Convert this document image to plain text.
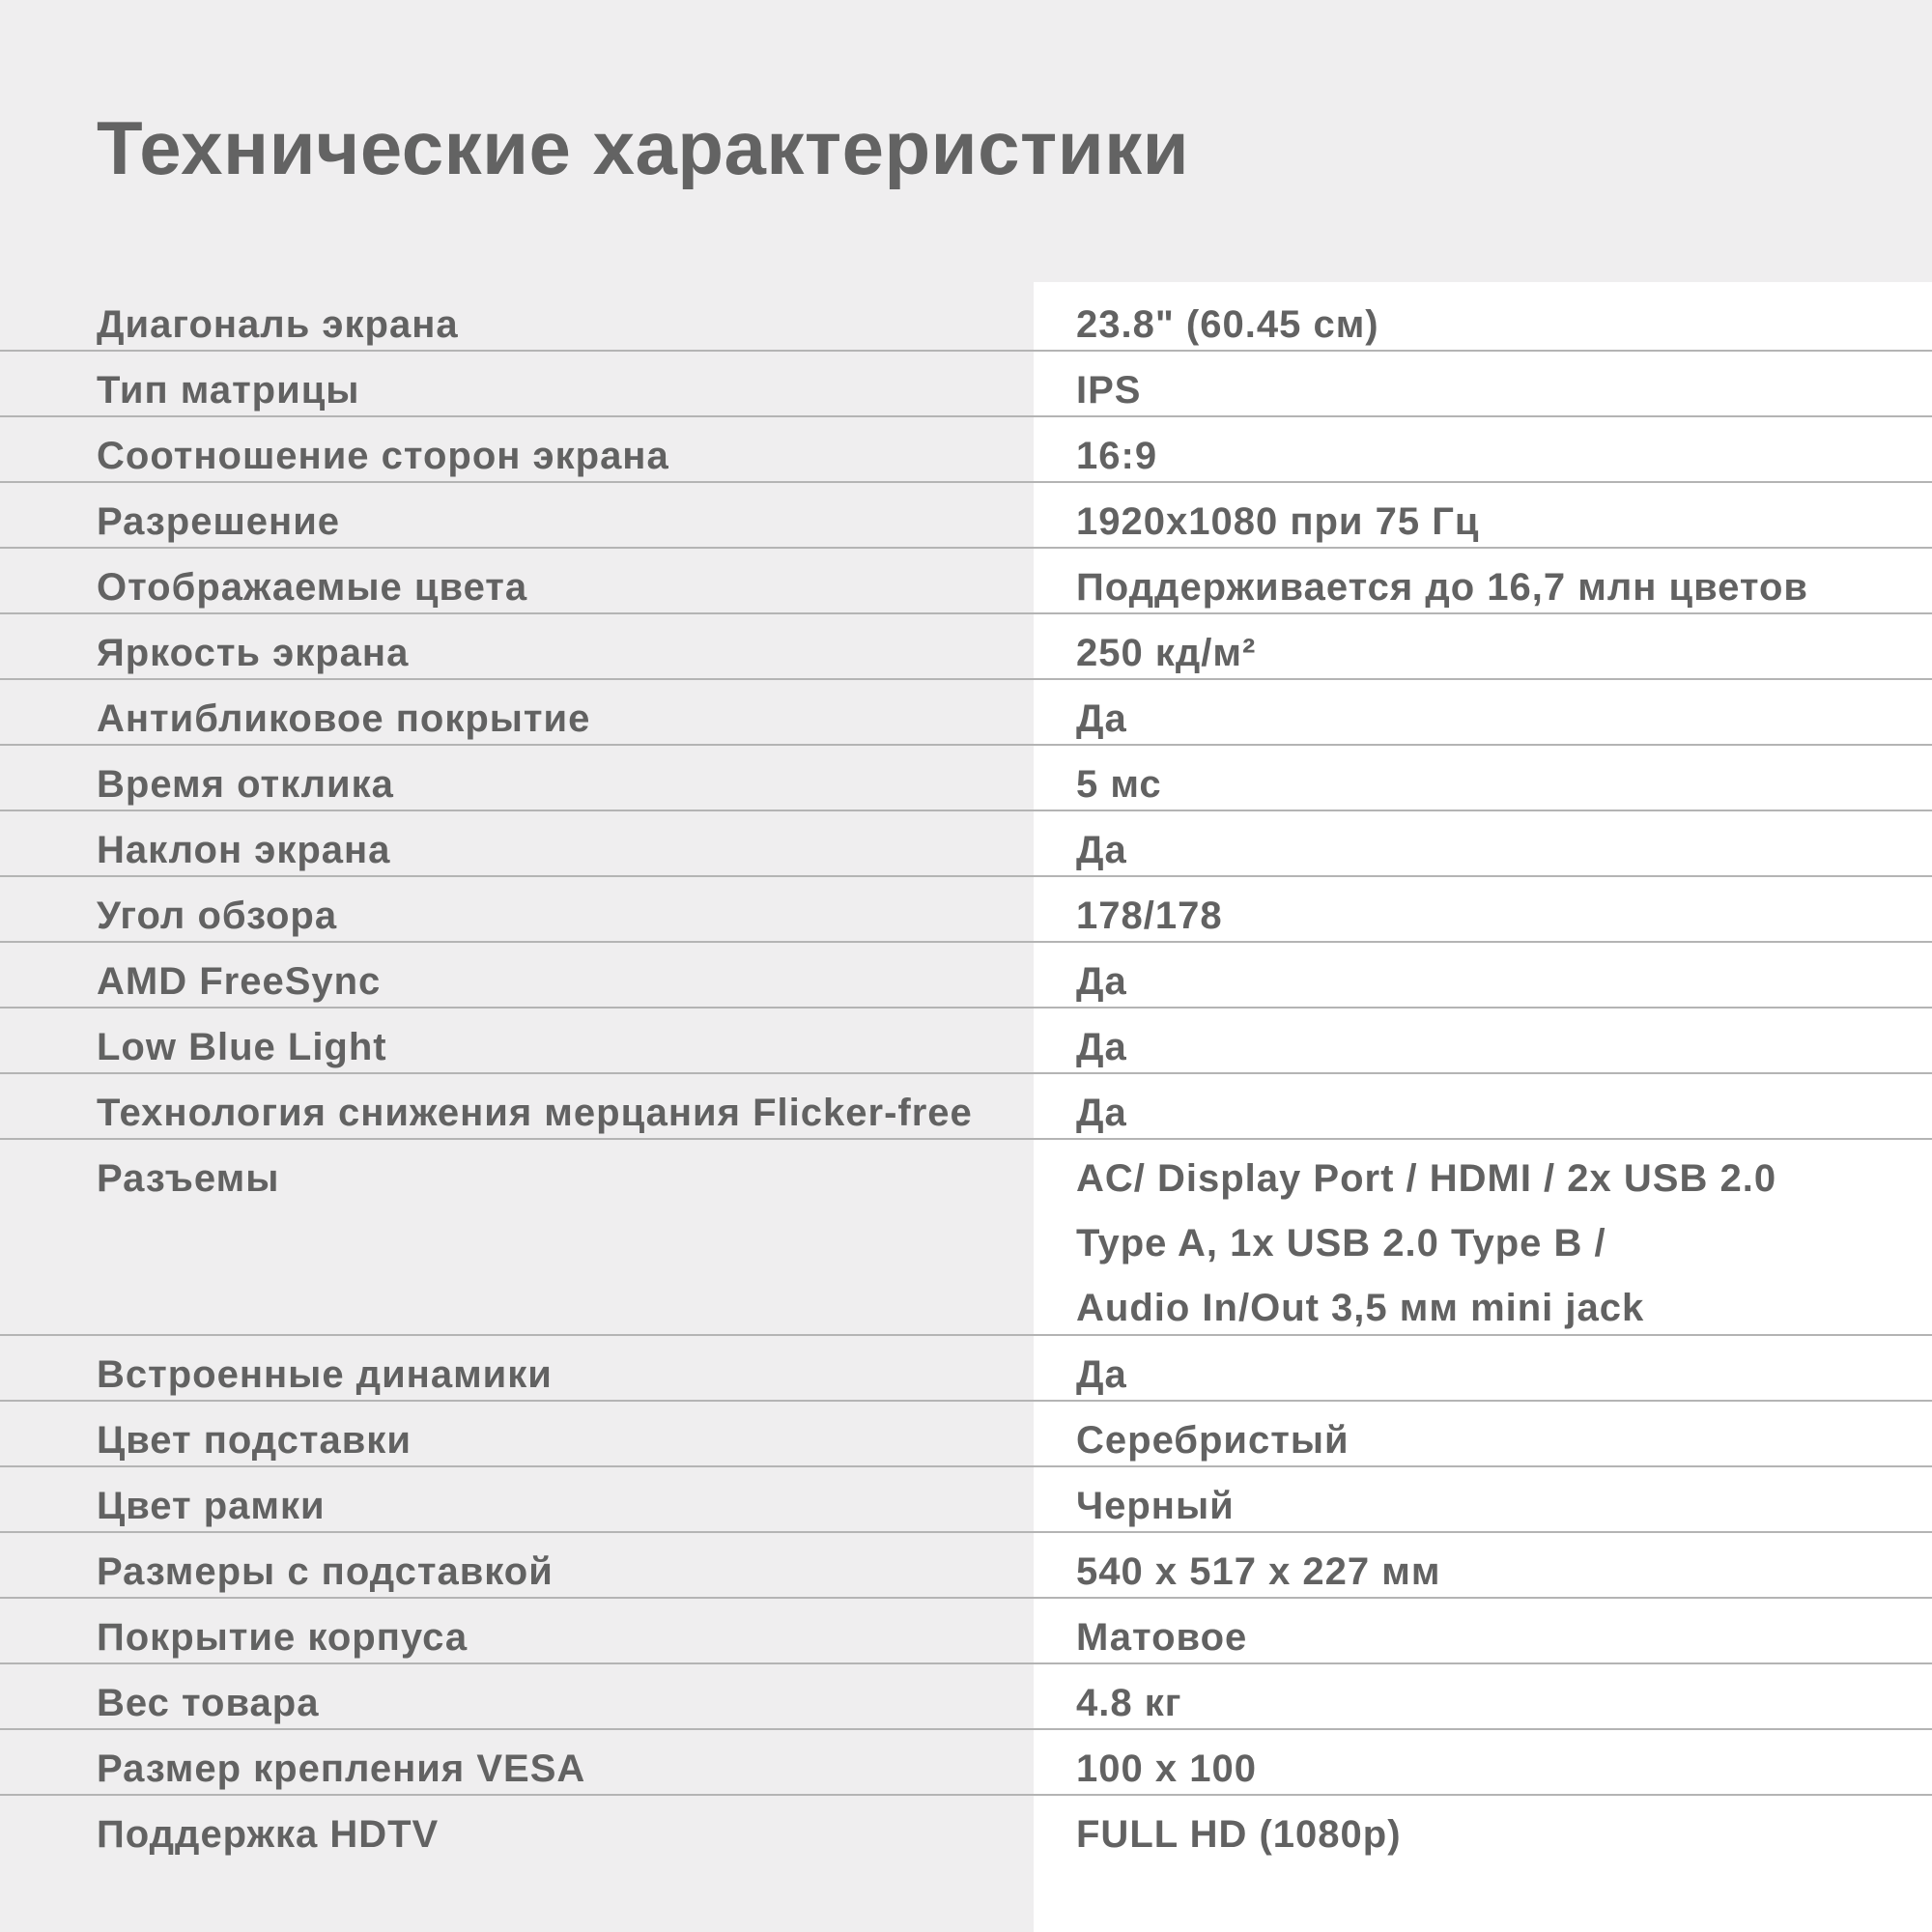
Технические характеристики
Диагональ экрана	23.8" (60.45 см)
Тип матрицы	IPS
Соотношение сторон экрана	16:9
Разрешение	1920x1080 при 75 Гц
Отображаемые цвета	Поддерживается до 16,7 млн цветов
Яркость экрана	250 кд/м²
Антибликовое покрытие	Да
Время отклика	5 мс
Наклон экрана	Да
Угол обзора	178/178
AMD FreeSync	Да
Low Blue Light	Да
Технология снижения мерцания Flicker-free	Да
Разъемы	AC/ Display Port / HDMI / 2x USB 2.0
Type A, 1x USB 2.0 Type B /
Audio In/Out 3,5 мм mini jack
Встроенные динамики	Да
Цвет подставки	Серебристый
Цвет рамки	Черный
Размеры с подставкой	540 x 517 x 227 мм
Покрытие корпуса	Матовое
Вес товара	4.8 кг
Размер крепления VESA	100 x 100
Поддержка HDTV	FULL HD (1080p)
